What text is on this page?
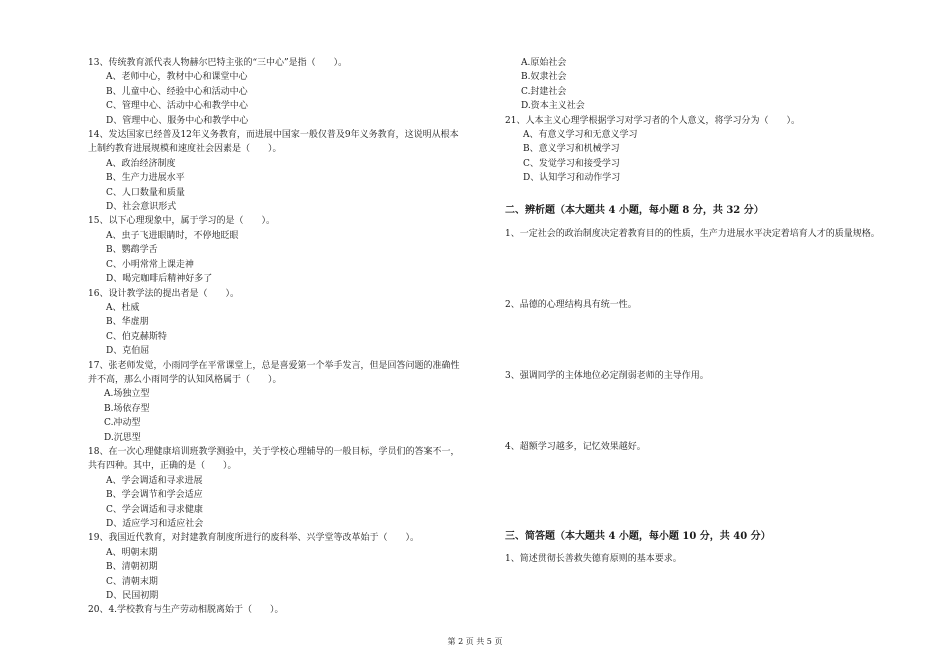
13、传统教育派代表人物赫尔巴特主张的“三中心”是指（　　）。
A、老师中心，教材中心和课堂中心
B、儿童中心、经验中心和活动中心
C、管理中心、活动中心和教学中心
D、管理中心、服务中心和教学中心
14、发达国家已经普及12年义务教育，而进展中国家一般仅普及9年义务教育，这说明从根本
上制约教育进展规模和速度社会因素是（　　）。
A、政治经济制度
B、生产力进展水平
C、人口数量和质量
D、社会意识形式
15、以下心理现象中，属于学习的是（　　）。
A、虫子飞进眼睛时，不停地眨眼
B、鹦鹉学舌
C、小明常常上课走神
D、喝完咖啡后精神好多了
16、设计教学法的提出者是（　　）。
A、杜威
B、华虚朋
C、伯克赫斯特
D、克伯屈
17、张老师发觉，小雨同学在平常课堂上，总是喜爱第一个举手发言，但是回答问题的准确性
并不高，那么小雨同学的认知风格属于（　　）。
A.场独立型
B.场依存型
C.冲动型
D.沉思型
18、在一次心理健康培训班教学测验中，关于学校心理辅导的一般目标，学员们的答案不一，
共有四种。其中，正确的是（　　）。
A、学会调适和寻求进展
B、学会调节和学会适应
C、学会调适和寻求健康
D、适应学习和适应社会
19、我国近代教育，对封建教育制度所进行的废科举、兴学堂等改革始于（　　）。
A、明朝末期
B、清朝初期
C、清朝末期
D、民国初期
20、4.学校教育与生产劳动相脱离始于（　　）。
A.原始社会
B.奴隶社会
C.封建社会
D.资本主义社会
21、人本主义心理学根据学习对学习者的个人意义，将学习分为（　　）。
A、有意义学习和无意义学习
B、意义学习和机械学习
C、发觉学习和接受学习
D、认知学习和动作学习
二、辨析题（本大题共 4 小题，每小题 8 分，共 32 分）
1、一定社会的政治制度决定着教育目的的性质，生产力进展水平决定着培育人才的质量规格。
2、品德的心理结构具有统一性。
3、强调同学的主体地位必定削弱老师的主导作用。
4、超额学习越多，记忆效果越好。
三、简答题（本大题共 4 小题，每小题 10 分，共 40 分）
1、简述贯彻长善救失德育原则的基本要求。
第 2 页 共 5 页
